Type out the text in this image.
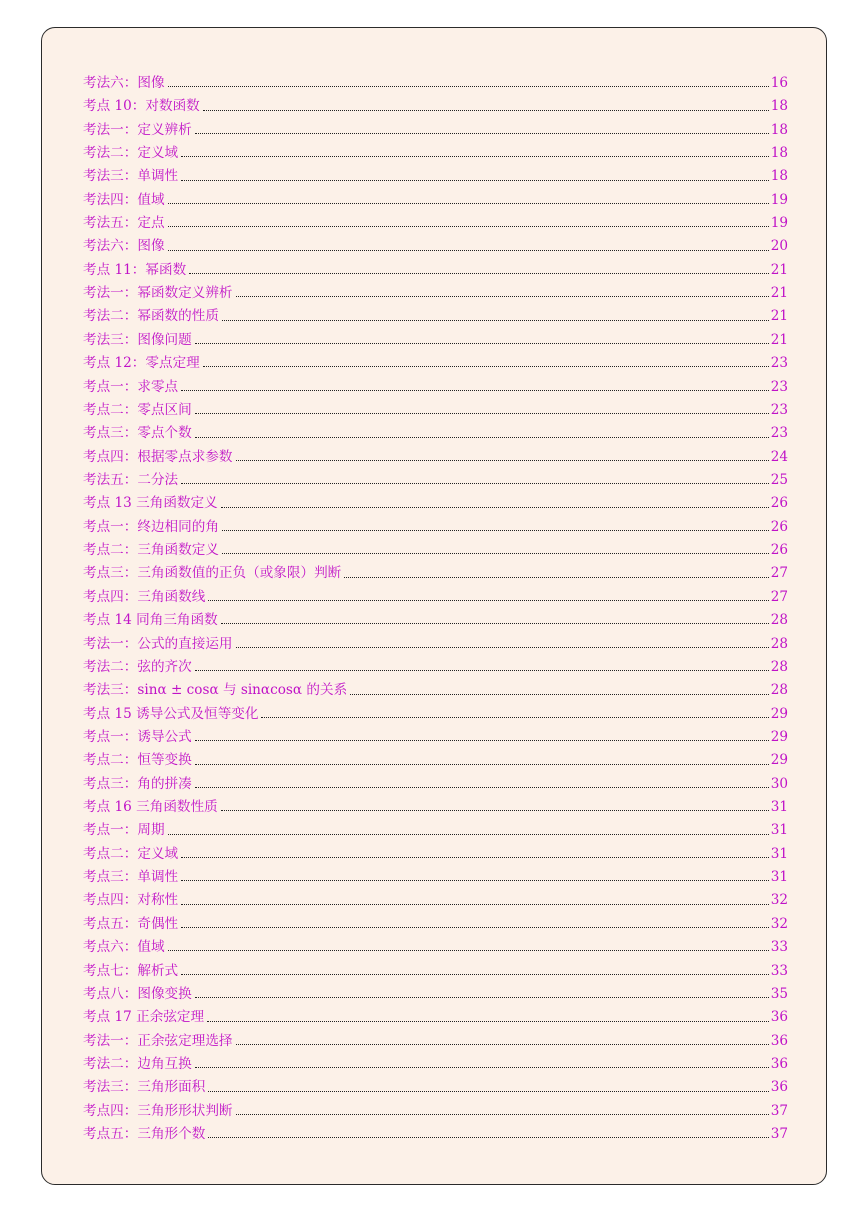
考法六：图像	16
考点 10：对数函数	18
考法一：定义辨析	18
考法二：定义域	18
考法三：单调性	18
考法四：值域	19
考法五：定点	19
考法六：图像	20
考点 11：幂函数	21
考法一：幂函数定义辨析	21
考法二：幂函数的性质	21
考法三：图像问题	21
考点 12：零点定理	23
考点一：求零点	23
考点二：零点区间	23
考点三：零点个数	23
考点四：根据零点求参数	24
考法五：二分法	25
考点 13 三角函数定义	26
考点一：终边相同的角	26
考点二：三角函数定义	26
考点三：三角函数值的正负（或象限）判断	27
考点四：三角函数线	27
考点 14 同角三角函数	28
考法一：公式的直接运用	28
考法二：弦的齐次	28
考法三：sinα ± cosα 与 sinαcosα 的关系	28
考点 15 诱导公式及恒等变化	29
考点一：诱导公式	29
考点二：恒等变换	29
考点三：角的拼凑	30
考点 16 三角函数性质	31
考点一：周期	31
考点二：定义域	31
考点三：单调性	31
考点四：对称性	32
考点五：奇偶性	32
考点六：值域	33
考点七：解析式	33
考点八：图像变换	35
考点 17 正余弦定理	36
考法一：正余弦定理选择	36
考法二：边角互换	36
考法三：三角形面积	36
考点四：三角形形状判断	37
考点五：三角形个数	37
